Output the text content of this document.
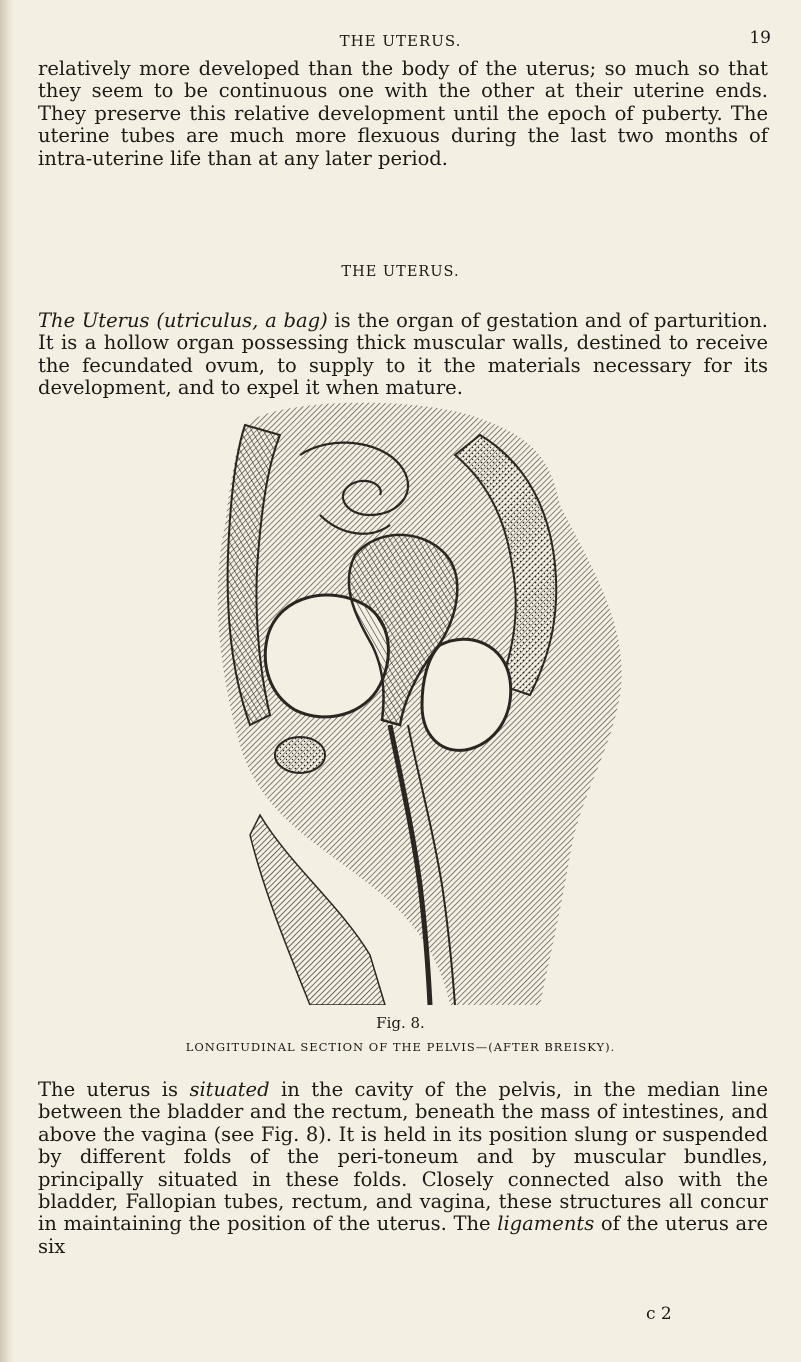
THE UTERUS.	19

relatively more developed than the body of the uterus; so much so that they seem to be continuous one with the other at their uterine ends. They preserve this relative development until the epoch of puberty. The uterine tubes are much more flexuous during the last two months of intra-uterine life than at any later period.

THE UTERUS.

The Uterus (utriculus, a bag) is the organ of gestation and of parturition. It is a hollow organ possessing thick muscular walls, destined to receive the fecundated ovum, to supply to it the materials necessary for its development, and to expel it when mature.

Fig. 8.
LONGITUDINAL SECTION OF THE PELVIS—(AFTER BREISKY).

The uterus is situated in the cavity of the pelvis, in the median line between the bladder and the rectum, beneath the mass of intestines, and above the vagina (see Fig. 8). It is held in its position slung or suspended by different folds of the peri-toneum and by muscular bundles, principally situated in these folds. Closely connected also with the bladder, Fallopian tubes, rectum, and vagina, these structures all concur in maintaining the position of the uterus. The ligaments of the uterus are six

c 2
